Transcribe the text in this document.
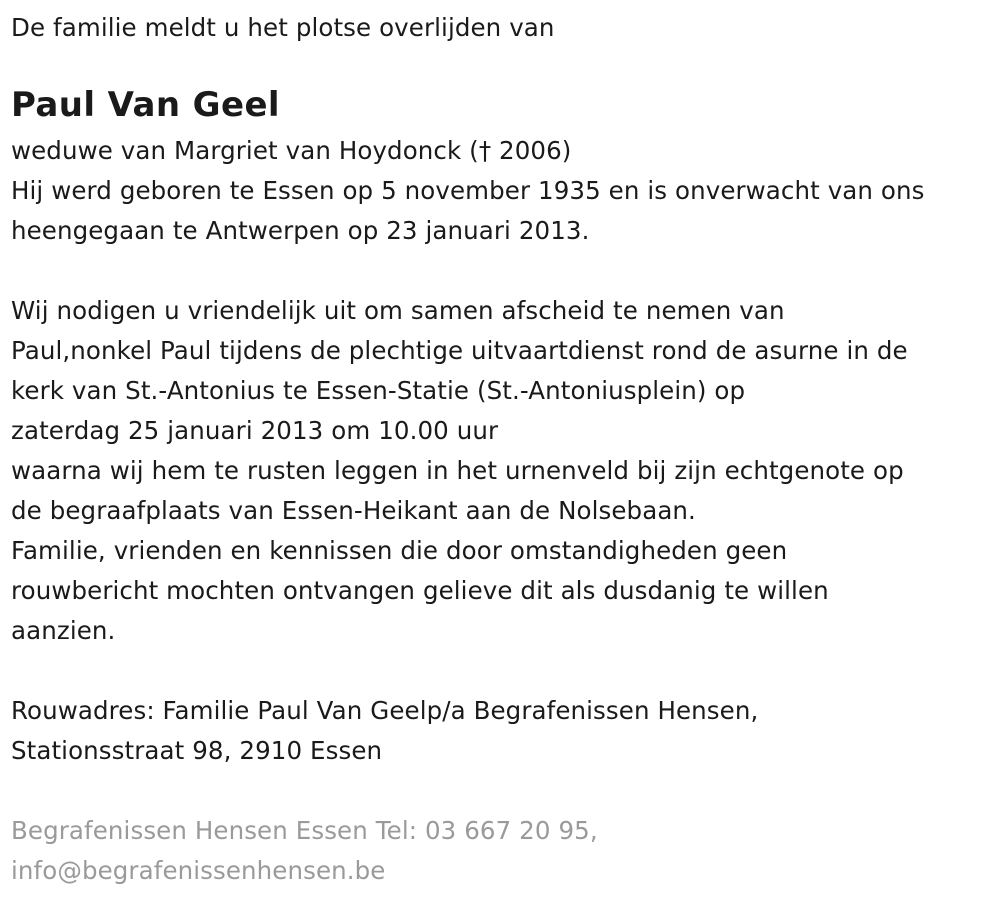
De familie meldt u het plotse overlijden van
Paul Van Geel
weduwe van Margriet van Hoydonck († 2006)
Hij werd geboren te Essen op 5 november 1935 en is onverwacht van ons
heengegaan te Antwerpen op 23 januari 2013.
Wij nodigen u vriendelijk uit om samen afscheid te nemen van
Paul,nonkel Paul tijdens de plechtige uitvaartdienst rond de asurne in de
kerk van St.-Antonius te Essen-Statie (St.-Antoniusplein) op
zaterdag 25 januari 2013 om 10.00 uur
waarna wij hem te rusten leggen in het urnenveld bij zijn echtgenote op
de begraafplaats van Essen-Heikant aan de Nolsebaan.
Familie, vrienden en kennissen die door omstandigheden geen
rouwbericht mochten ontvangen gelieve dit als dusdanig te willen
aanzien.
Rouwadres: Familie Paul Van Geelp/a Begrafenissen Hensen,
Stationsstraat 98, 2910 Essen
Begrafenissen Hensen Essen Tel: 03 667 20 95,
info@begrafenissenhensen.be
